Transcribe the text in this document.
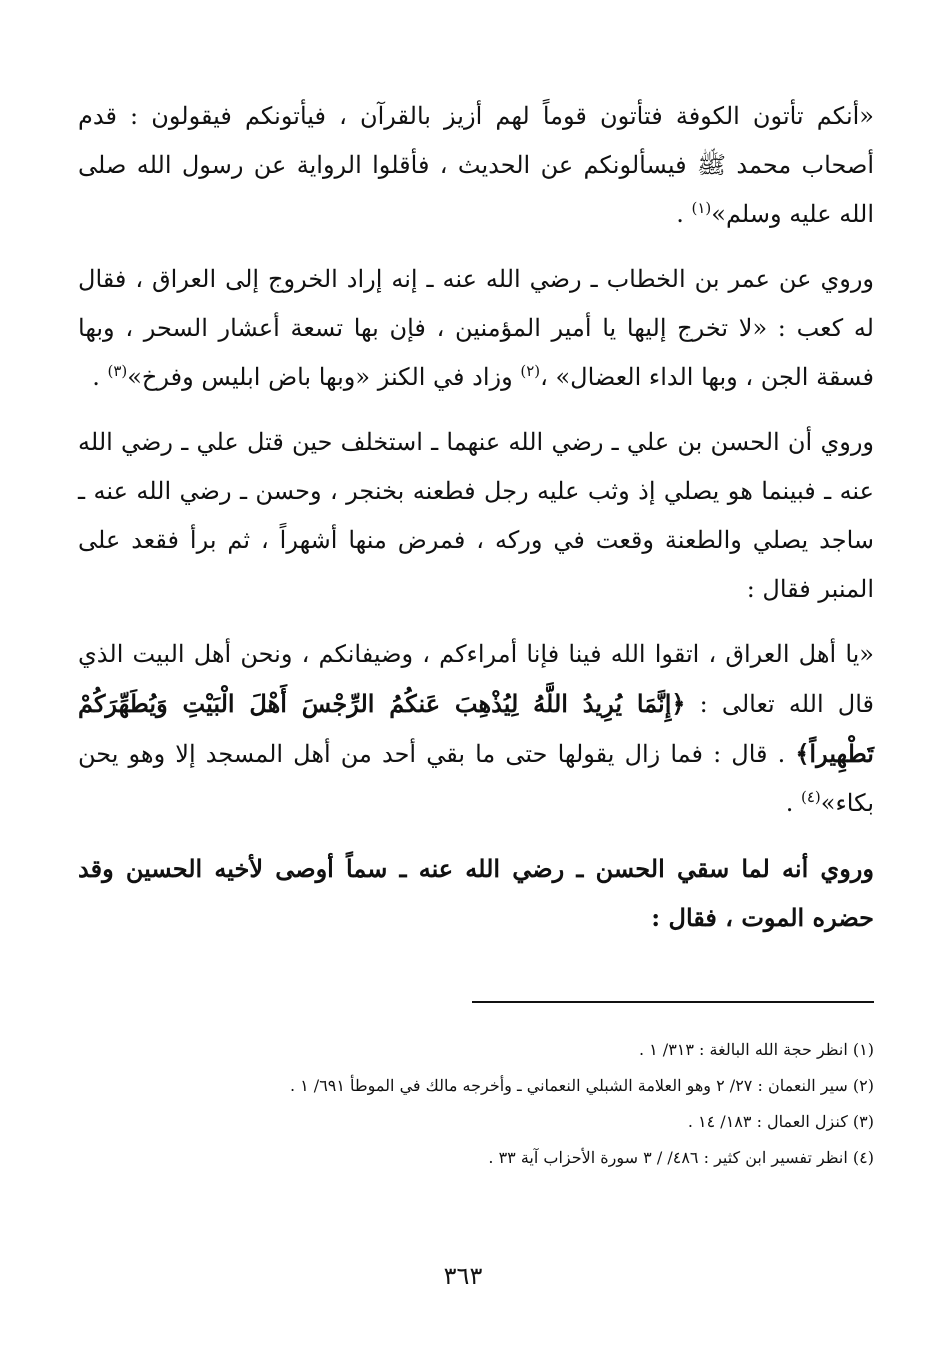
«أنكم تأتون الكوفة فتأتون قوماً لهم أزيز بالقرآن ، فيأتونكم فيقولون : قدم أصحاب محمد ﷺ فيسألونكم عن الحديث ، فأقلوا الرواية عن رسول الله صلى الله عليه وسلم»$^{(١)}$ .

وروي عن عمر بن الخطاب ـ رضي الله عنه ـ إنه إراد الخروج إلى العراق ، فقال له كعب : «لا تخرج إليها يا أمير المؤمنين ، فإن بها تسعة أعشار السحر ، وبها فسقة الجن ، وبها الداء العضال» ،$^{(٢)}$ وزاد في الكنز «وبها باض ابليس وفرخ»$^{(٣)}$ .

وروي أن الحسن بن علي ـ رضي الله عنهما ـ استخلف حين قتل علي ـ رضي الله عنه ـ فبينما هو يصلي إذ وثب عليه رجل فطعنه بخنجر ، وحسن ـ رضي الله عنه ـ ساجد يصلي والطعنة وقعت في وركه ، فمرض منها أشهراً ، ثم برأ فقعد على المنبر فقال :

«يا أهل العراق ، اتقوا الله فينا فإنا أمراءكم ، وضيفانكم ، ونحن أهل البيت الذي قال الله تعالى : ﴿إِنَّمَا يُرِيدُ اللَّهُ لِيُذْهِبَ عَنكُمُ الرِّجْسَ أَهْلَ الْبَيْتِ وَيُطَهِّرَكُمْ تَطْهِيراً﴾ . قال : فما زال يقولها حتى ما بقي أحد من أهل المسجد إلا وهو يحن بكاء»$^{(٤)}$ .

وروي أنه لما سقي الحسن ـ رضي الله عنه ـ سماً أوصى لأخيه الحسين وقد حضره الموت ، فقال :

(١) انظر حجة الله البالغة : ٣١٣/ ١ .

(٢) سير النعمان : ٢٧/ ٢ وهو العلامة الشبلي النعماني ـ وأخرجه مالك في الموطأ ٦٩١/ ١ .

(٣) كنزل العمال : ١٨٣/ ١٤ .

(٤) انظر تفسير ابن كثير : ٤٨٦/ / ٣ سورة الأحزاب آية ٣٣ .

٣٦٣
